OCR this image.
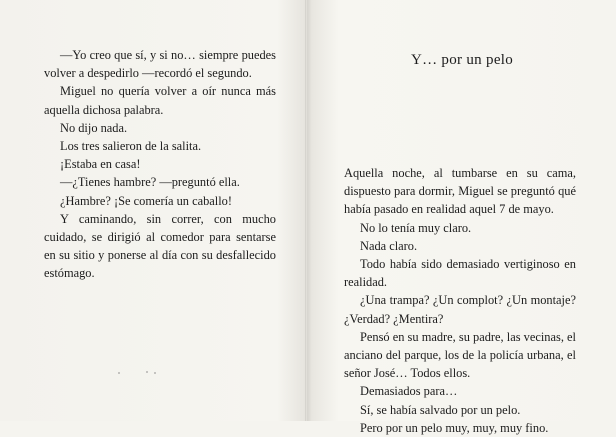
—Yo creo que sí, y si no… siempre puedes volver a despedirlo —recordó el segundo.

Miguel no quería volver a oír nunca más aquella dichosa palabra.

No dijo nada.

Los tres salieron de la salita.

¡Estaba en casa!

—¿Tienes hambre? —preguntó ella.

¿Hambre? ¡Se comería un caballo!

Y caminando, sin correr, con mucho cuidado, se dirigió al comedor para sentarse en su sitio y ponerse al día con su desfallecido estómago.

Y… por un pelo

Aquella noche, al tumbarse en su cama, dispuesto para dormir, Miguel se preguntó qué había pasado en realidad aquel 7 de mayo.

No lo tenía muy claro.

Nada claro.

Todo había sido demasiado vertiginoso en realidad.

¿Una trampa? ¿Un complot? ¿Un montaje? ¿Verdad? ¿Mentira?

Pensó en su madre, su padre, las vecinas, el anciano del parque, los de la policía urbana, el señor José… Todos ellos.

Demasiados para…

Sí, se había salvado por un pelo.

Pero por un pelo muy, muy, muy fino.
